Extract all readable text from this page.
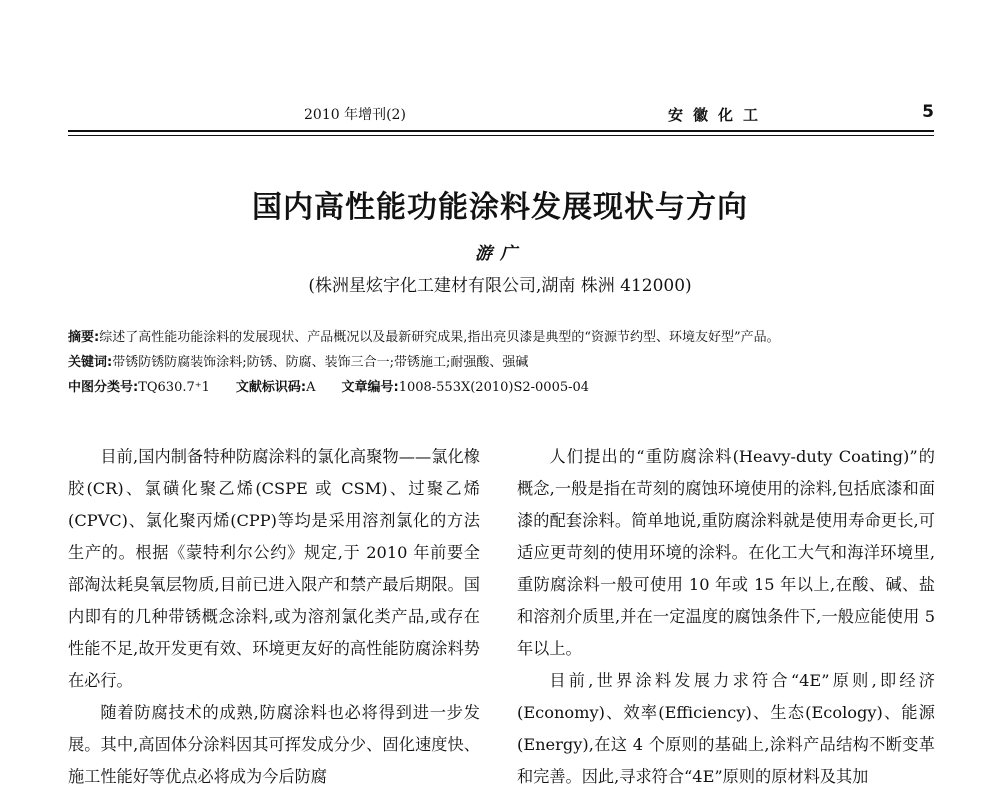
2010 年增刊(2)	安徽化工	5
国内高性能功能涂料发展现状与方向
游广
(株洲星炫宇化工建材有限公司,湖南 株洲 412000)
摘要:综述了高性能功能涂料的发展现状、产品概况以及最新研究成果,指出亮贝漆是典型的“资源节约型、环境友好型”产品。
关键词:带锈防锈防腐装饰涂料;防锈、防腐、装饰三合一;带锈施工;耐强酸、强碱
中图分类号:TQ630.7⁺1 文献标识码:A 文章编号:1008-553X(2010)S2-0005-04

目前,国内制备特种防腐涂料的氯化高聚物——氯化橡胶(CR)、氯磺化聚乙烯(CSPE 或 CSM)、过聚乙烯(CPVC)、氯化聚丙烯(CPP)等均是采用溶剂氯化的方法生产的。根据《蒙特利尔公约》规定,于 2010 年前要全部淘汰耗臭氧层物质,目前已进入限产和禁产最后期限。国内即有的几种带锈概念涂料,或为溶剂氯化类产品,或存在性能不足,故开发更有效、环境更友好的高性能防腐涂料势在必行。

随着防腐技术的成熟,防腐涂料也必将得到进一步发展。其中,高固体分涂料因其可挥发成分少、固化速度快、施工性能好等优点必将成为今后防腐

人们提出的“重防腐涂料(Heavy-duty Coating)”的概念,一般是指在苛刻的腐蚀环境使用的涂料,包括底漆和面漆的配套涂料。简单地说,重防腐涂料就是使用寿命更长,可适应更苛刻的使用环境的涂料。在化工大气和海洋环境里,重防腐涂料一般可使用 10 年或 15 年以上,在酸、碱、盐和溶剂介质里,并在一定温度的腐蚀条件下,一般应能使用 5 年以上。

目前,世界涂料发展力求符合“4E”原则,即经济(Economy)、效率(Efficiency)、生态(Ecology)、能源(Energy),在这 4 个原则的基础上,涂料产品结构不断变革和完善。因此,寻求符合“4E”原则的原材料及其加
